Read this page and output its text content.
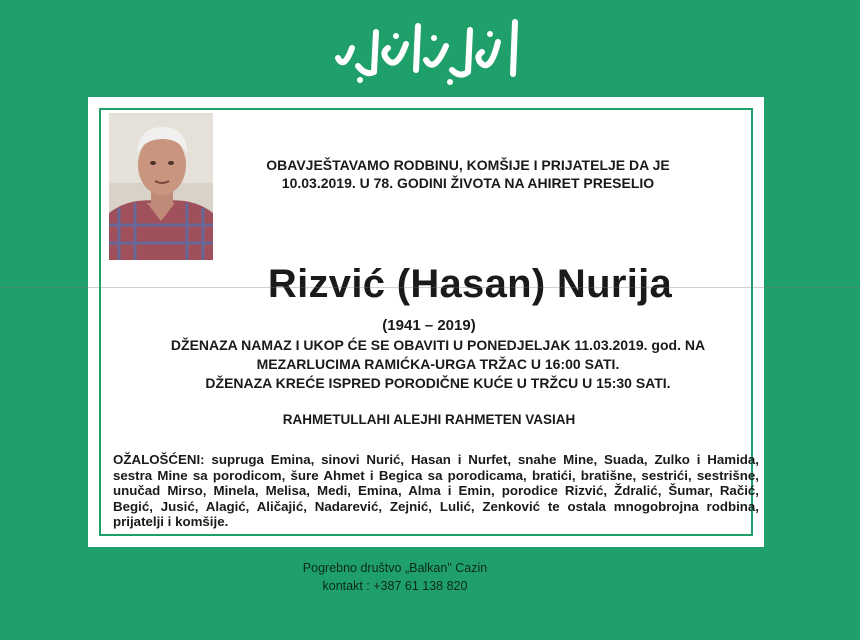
OBAVJEŠTAVAMO RODBINU, KOMŠIJE I PRIJATELJE DA JE
10.03.2019. U 78. GODINI ŽIVOTA NA AHIRET PRESELIO
Rizvić (Hasan) Nurija
(1941 – 2019)
DŽENAZA NAMAZ I UKOP ĆE SE OBAVITI U PONEDJELJAK 11.03.2019. god. NA
MEZARLUCIMA RAMIĆKA-URGA TRŽAC U 16:00 SATI.
DŽENAZA KREĆE ISPRED PORODIČNE KUĆE U TRŽCU U 15:30 SATI.
RAHMETULLAHI ALEJHI RAHMETEN VASIAH
OŽALOŠĆENI: supruga Emina, sinovi Nurić, Hasan i Nurfet, snahe Mine, Suada, Zulko i Hamida, sestra Mine sa porodicom, šure Ahmet i Begica sa porodicama, bratići, bratišne, sestrići, sestrišne, unučad Mirso, Minela, Melisa, Medi, Emina, Alma i Emin, porodice Rizvić, Ždralić, Šumar, Račić, Begić, Jusić, Alagić, Aličajić, Nadarević, Zejnić, Lulić, Zenković te ostala mnogobrojna rodbina, prijatelji i komšije.
Pogrebno društvo „Balkan" Cazin
kontakt : +387 61 138 820
